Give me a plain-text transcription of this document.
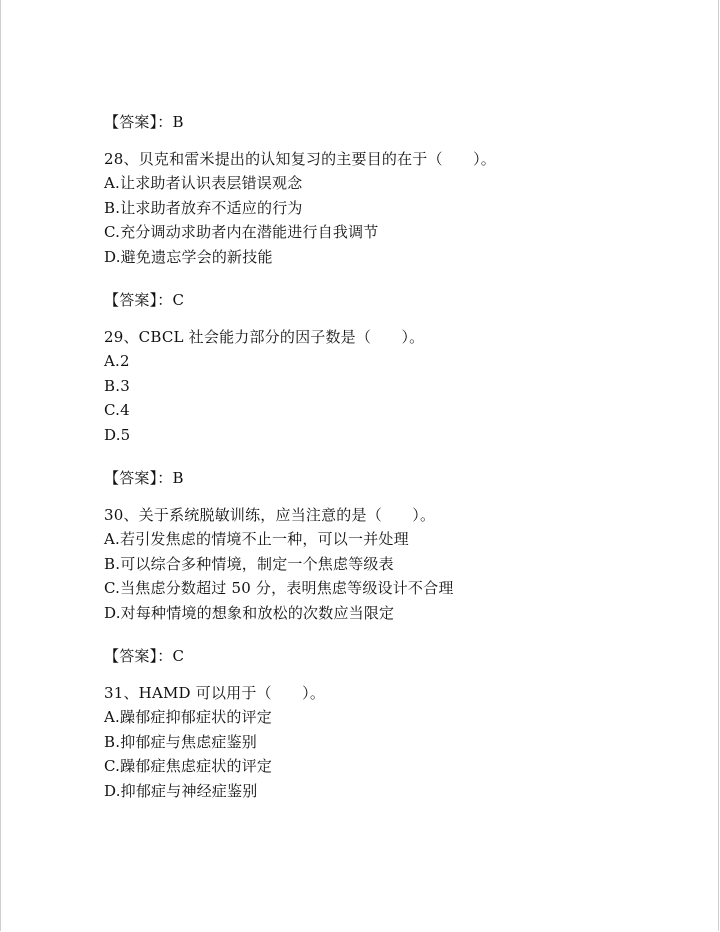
【答案】：B
28、贝克和雷米提出的认知复习的主要目的在于（　　）。
A.让求助者认识表层错误观念
B.让求助者放弃不适应的行为
C.充分调动求助者内在潜能进行自我调节
D.避免遗忘学会的新技能
【答案】：C
29、CBCL 社会能力部分的因子数是（　　）。
A.2
B.3
C.4
D.5
【答案】：B
30、关于系统脱敏训练，应当注意的是（　　）。
A.若引发焦虑的情境不止一种，可以一并处理
B.可以综合多种情境，制定一个焦虑等级表
C.当焦虑分数超过 50 分，表明焦虑等级设计不合理
D.对每种情境的想象和放松的次数应当限定
【答案】：C
31、HAMD 可以用于（　　）。
A.躁郁症抑郁症状的评定
B.抑郁症与焦虑症鉴别
C.躁郁症焦虑症状的评定
D.抑郁症与神经症鉴别
